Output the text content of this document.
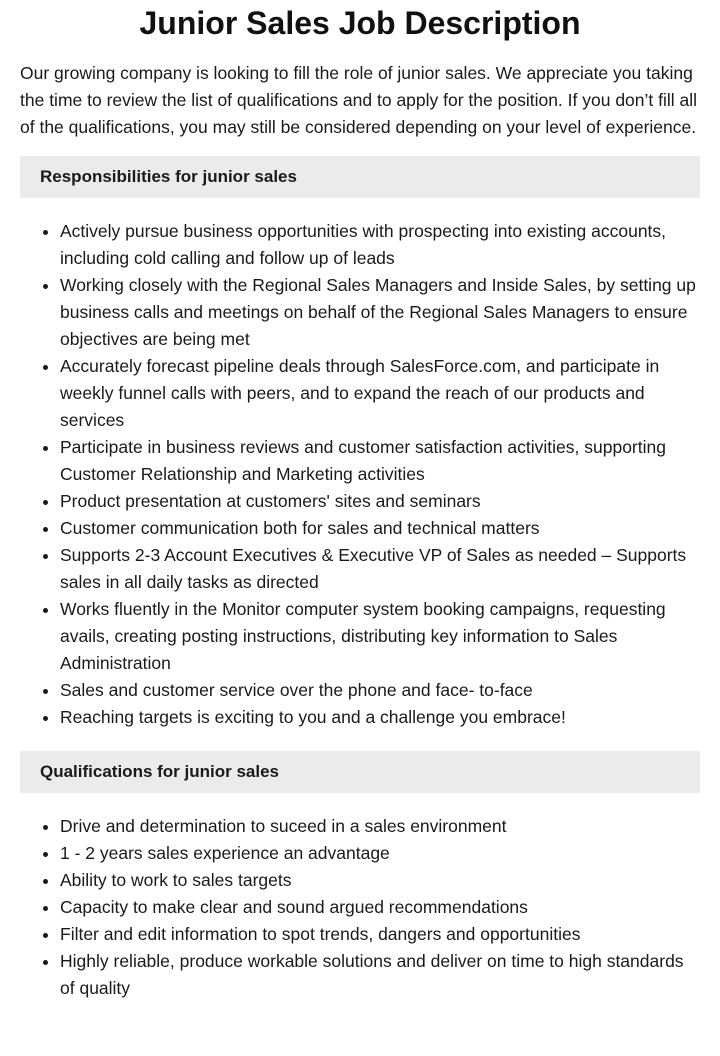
Junior Sales Job Description

Our growing company is looking to fill the role of junior sales. We appreciate you taking the time to review the list of qualifications and to apply for the position. If you don’t fill all of the qualifications, you may still be considered depending on your level of experience.

Responsibilities for junior sales
• Actively pursue business opportunities with prospecting into existing accounts, including cold calling and follow up of leads
• Working closely with the Regional Sales Managers and Inside Sales, by setting up business calls and meetings on behalf of the Regional Sales Managers to ensure objectives are being met
• Accurately forecast pipeline deals through SalesForce.com, and participate in weekly funnel calls with peers, and to expand the reach of our products and services
• Participate in business reviews and customer satisfaction activities, supporting Customer Relationship and Marketing activities
• Product presentation at customers' sites and seminars
• Customer communication both for sales and technical matters
• Supports 2-3 Account Executives & Executive VP of Sales as needed – Supports sales in all daily tasks as directed
• Works fluently in the Monitor computer system booking campaigns, requesting avails, creating posting instructions, distributing key information to Sales Administration
• Sales and customer service over the phone and face- to-face
• Reaching targets is exciting to you and a challenge you embrace!
Qualifications for junior sales
• Drive and determination to suceed in a sales environment
• 1 - 2 years sales experience an advantage
• Ability to work to sales targets
• Capacity to make clear and sound argued recommendations
• Filter and edit information to spot trends, dangers and opportunities
• Highly reliable, produce workable solutions and deliver on time to high standards of quality
